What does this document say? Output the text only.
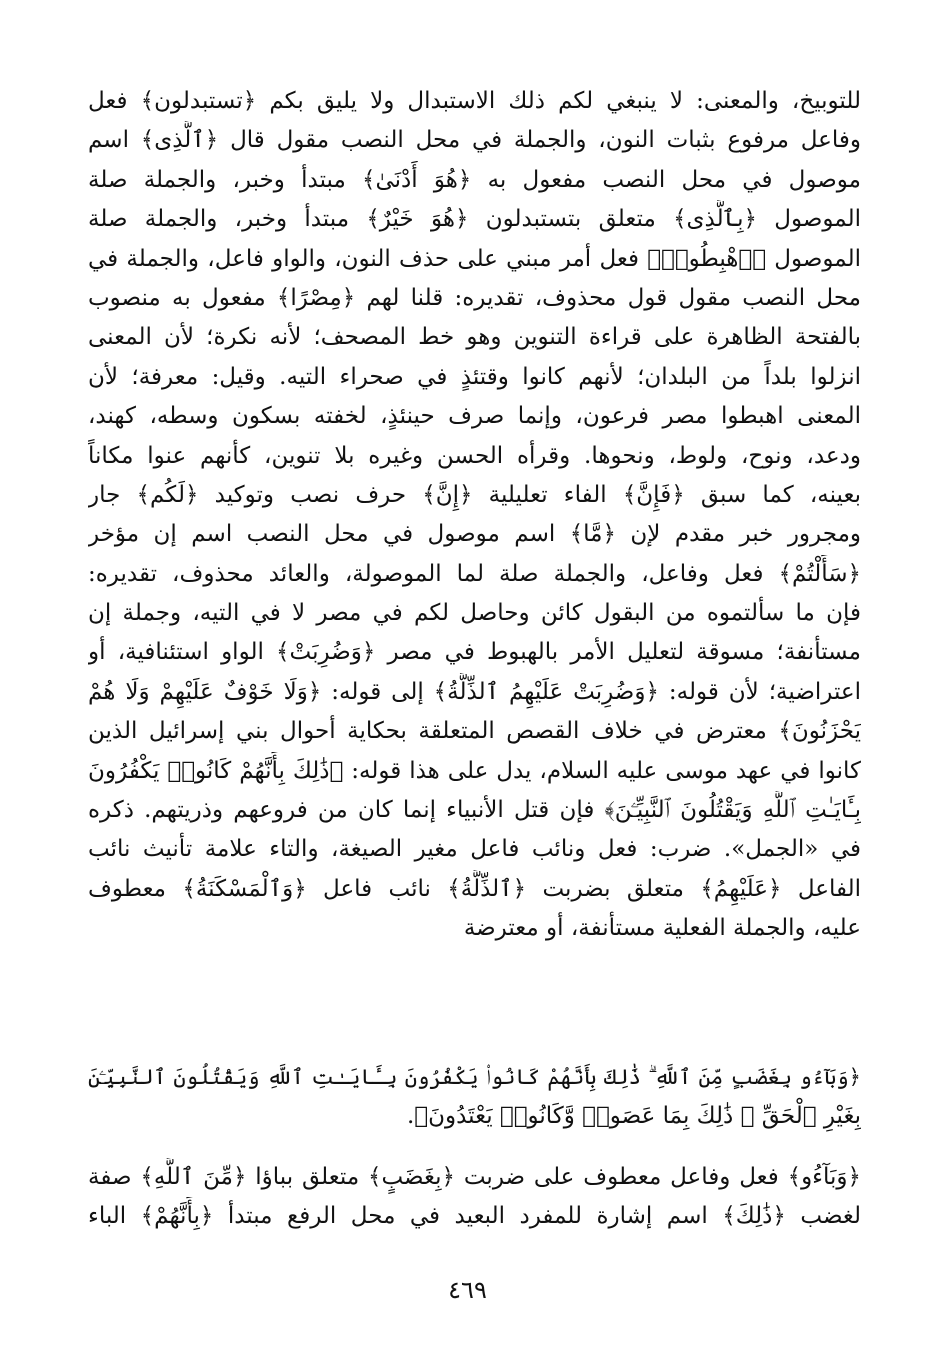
للتوبيخ، والمعنى: لا ينبغي لكم ذلك الاستبدال ولا يليق بكم ﴿تستبدلون﴾ فعل
وفاعل مرفوع بثبات النون، والجملة في محل النصب مقول قال ﴿ٱلَّذِى﴾ اسم
موصول في محل النصب مفعول به ﴿هُوَ أَدْنَىٰ﴾ مبتدأ وخبر، والجملة صلة
الموصول ﴿بِٱلَّذِى﴾ متعلق بتستبدلون ﴿هُوَ خَيْرٌ﴾ مبتدأ وخبر، والجملة صلة
الموصول ﴿ٱهْبِطُوا۟﴾ فعل أمر مبني على حذف النون، والواو فاعل، والجملة في
محل النصب مقول قول محذوف، تقديره: قلنا لهم ﴿مِصْرًا﴾ مفعول به منصوب
بالفتحة الظاهرة على قراءة التنوين وهو خط المصحف؛ لأنه نكرة؛ لأن المعنى
انزلوا بلداً من البلدان؛ لأنهم كانوا وقتئذٍ في صحراء التيه. وقيل: معرفة؛ لأن
المعنى اهبطوا مصر فرعون، وإنما صرف حينئذٍ، لخفته بسكون وسطه، كهند،
ودعد، ونوح، ولوط، ونحوها. وقرأه الحسن وغيره بلا تنوين، كأنهم عنوا مكاناً
بعينه، كما سبق ﴿فَإِنَّ﴾ الفاء تعليلية ﴿إِنَّ﴾ حرف نصب وتوكيد ﴿لَكُم﴾ جار
ومجرور خبر مقدم لإن ﴿مَّا﴾ اسم موصول في محل النصب اسم إن مؤخر
﴿سَأَلْتُمْ﴾ فعل وفاعل، والجملة صلة لما الموصولة، والعائد محذوف، تقديره:
فإن ما سألتموه من البقول كائن وحاصل لكم في مصر لا في التيه، وجملة إن
مستأنفة؛ مسوقة لتعليل الأمر بالهبوط في مصر ﴿وَضُرِبَتْ﴾ الواو استئنافية، أو
اعتراضية؛ لأن قوله: ﴿وَضُرِبَتْ عَلَيْهِمُ ٱلذِّلَّةُ﴾ إلى قوله: ﴿وَلَا خَوْفٌ عَلَيْهِمْ وَلَا هُمْ
يَحْزَنُونَ﴾ معترض في خلاف القصص المتعلقة بحكاية أحوال بني إسرائيل الذين
كانوا في عهد موسى عليه السلام، يدل على هذا قوله: ﴿ذَٰلِكَ بِأَنَّهُمْ كَانُوا۟ يَكْفُرُونَ
بِـَٔايَـٰتِ ٱللَّهِ وَيَقْتُلُونَ ٱلنَّبِيِّـۧنَ﴾ فإن قتل الأنبياء إنما كان من فروعهم وذريتهم. ذكره
في «الجمل». ضرب: فعل ونائب فاعل مغير الصيغة، والتاء علامة تأنيث نائب
الفاعل ﴿عَلَيْهِمُ﴾ متعلق بضربت ﴿ٱلذِّلَّةُ﴾ نائب فاعل ﴿وَٱلْمَسْكَنَةُ﴾ معطوف
عليه، والجملة الفعلية مستأنفة، أو معترضة
﴿وَبَآءُو بِغَضَبٍ مِّنَ ٱللَّهِ ۗ ذَٰلِكَ بِأَنَّهُمْ كَانُوا۟ يَكْفُرُونَ بِـَٔايَـٰتِ ٱللَّهِ وَيَقْتُلُونَ ٱلنَّبِيِّـۧنَ
بِغَيْرِ ٱلْحَقِّ ۗ ذَٰلِكَ بِمَا عَصَوا۟ وَّكَانُوا۟ يَعْتَدُونَ﴾.
﴿وَبَآءُو﴾ فعل وفاعل معطوف على ضربت ﴿بِغَضَبٍ﴾ متعلق بباؤا ﴿مِّنَ ٱللَّهِ﴾ صفة
لغضب ﴿ذَٰلِكَ﴾ اسم إشارة للمفرد البعيد في محل الرفع مبتدأ ﴿بِأَنَّهُمْ﴾ الباء
٤٦٩
